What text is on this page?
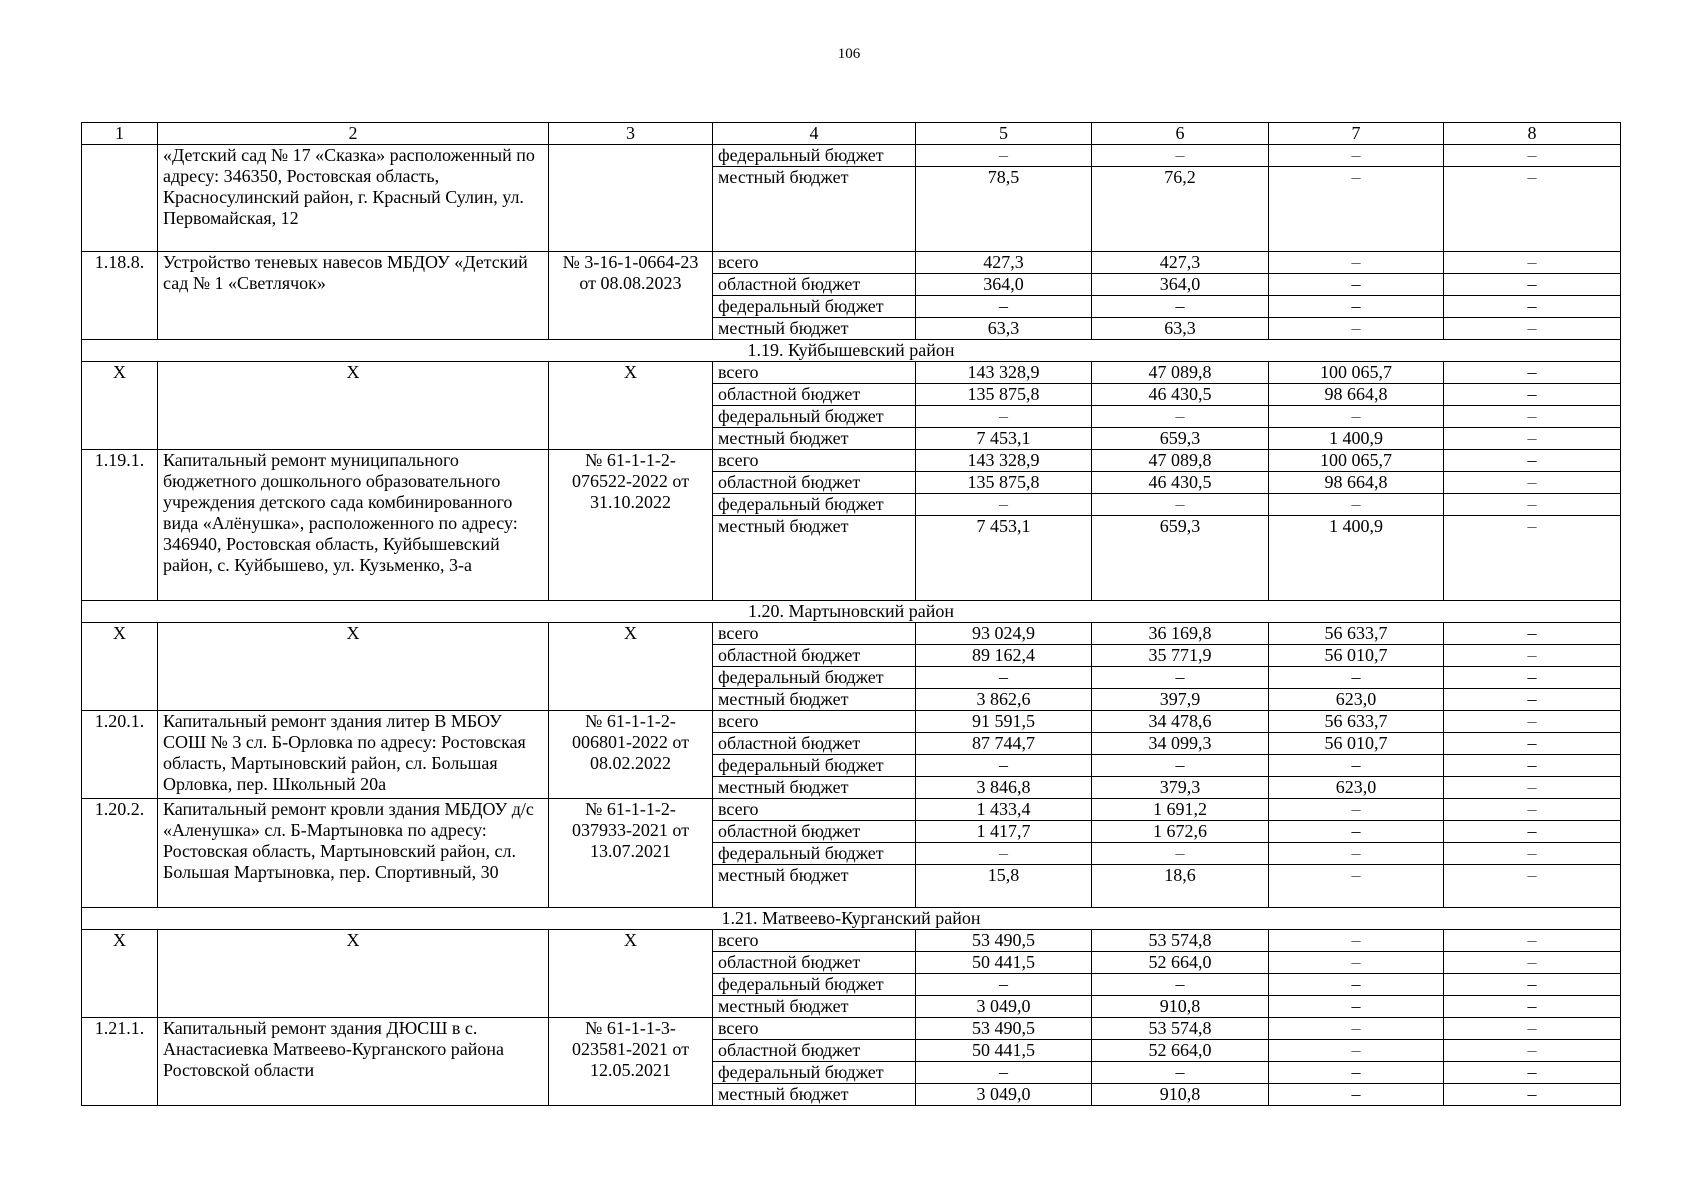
106
1	2	3	4	5	6	7	8
	«Детский сад № 17 «Сказка» расположенный по адресу: 346350, Ростовская область, Красносулинский район, г. Красный Сулин, ул. Первомайская, 12		федеральный бюджет	–	–	–	–
			местный бюджет	78,5	76,2	–	–
1.18.8.	Устройство теневых навесов МБДОУ «Детский сад № 1 «Светлячок»	№ 3-16-1-0664-23 от 08.08.2023	всего	427,3	427,3	–	–
			областной бюджет	364,0	364,0	–	–
			федеральный бюджет	–	–	–	–
			местный бюджет	63,3	63,3	–	–
1.19. Куйбышевский район							
Х	Х	Х	всего	143 328,9	47 089,8	100 065,7	–
			областной бюджет	135 875,8	46 430,5	98 664,8	–
			федеральный бюджет	–	–	–	–
			местный бюджет	7 453,1	659,3	1 400,9	–
1.19.1.	Капитальный ремонт муниципального бюджетного дошкольного образовательного учреждения детского сада комбинированного вида «Алёнушка», расположенного по адресу: 346940, Ростовская область, Куйбышевский район, с. Куйбышево, ул. Кузьменко, 3-а	№ 61-1-1-2- 076522-2022 от 31.10.2022	всего	143 328,9	47 089,8	100 065,7	–
			областной бюджет	135 875,8	46 430,5	98 664,8	–
			федеральный бюджет	–	–	–	–
			местный бюджет	7 453,1	659,3	1 400,9	–
1.20. Мартыновский район							
Х	Х	Х	всего	93 024,9	36 169,8	56 633,7	–
			областной бюджет	89 162,4	35 771,9	56 010,7	–
			федеральный бюджет	–	–	–	–
			местный бюджет	3 862,6	397,9	623,0	–
1.20.1.	Капитальный ремонт здания литер В МБОУ СОШ № 3 сл. Б-Орловка по адресу: Ростовская область, Мартыновский район, сл. Большая Орловка, пер. Школьный 20а	№ 61-1-1-2- 006801-2022 от 08.02.2022	всего	91 591,5	34 478,6	56 633,7	–
			областной бюджет	87 744,7	34 099,3	56 010,7	–
			федеральный бюджет	–	–	–	–
			местный бюджет	3 846,8	379,3	623,0	–
1.20.2.	Капитальный ремонт кровли здания МБДОУ д/с «Аленушка» сл. Б-Мартыновка по адресу: Ростовская область, Мартыновский район, сл. Большая Мартыновка, пер. Спортивный, 30	№ 61-1-1-2- 037933-2021 от 13.07.2021	всего	1 433,4	1 691,2	–	–
			областной бюджет	1 417,7	1 672,6	–	–
			федеральный бюджет	–	–	–	–
			местный бюджет	15,8	18,6	–	–
1.21. Матвеево-Курганский район							
Х	Х	Х	всего	53 490,5	53 574,8	–	–
			областной бюджет	50 441,5	52 664,0	–	–
			федеральный бюджет	–	–	–	–
			местный бюджет	3 049,0	910,8	–	–
1.21.1.	Капитальный ремонт здания ДЮСШ в с. Анастасиевка Матвеево-Курганского района Ростовской области	№ 61-1-1-3- 023581-2021 от 12.05.2021	всего	53 490,5	53 574,8	–	–
			областной бюджет	50 441,5	52 664,0	–	–
			федеральный бюджет	–	–	–	–
			местный бюджет	3 049,0	910,8	–	–
